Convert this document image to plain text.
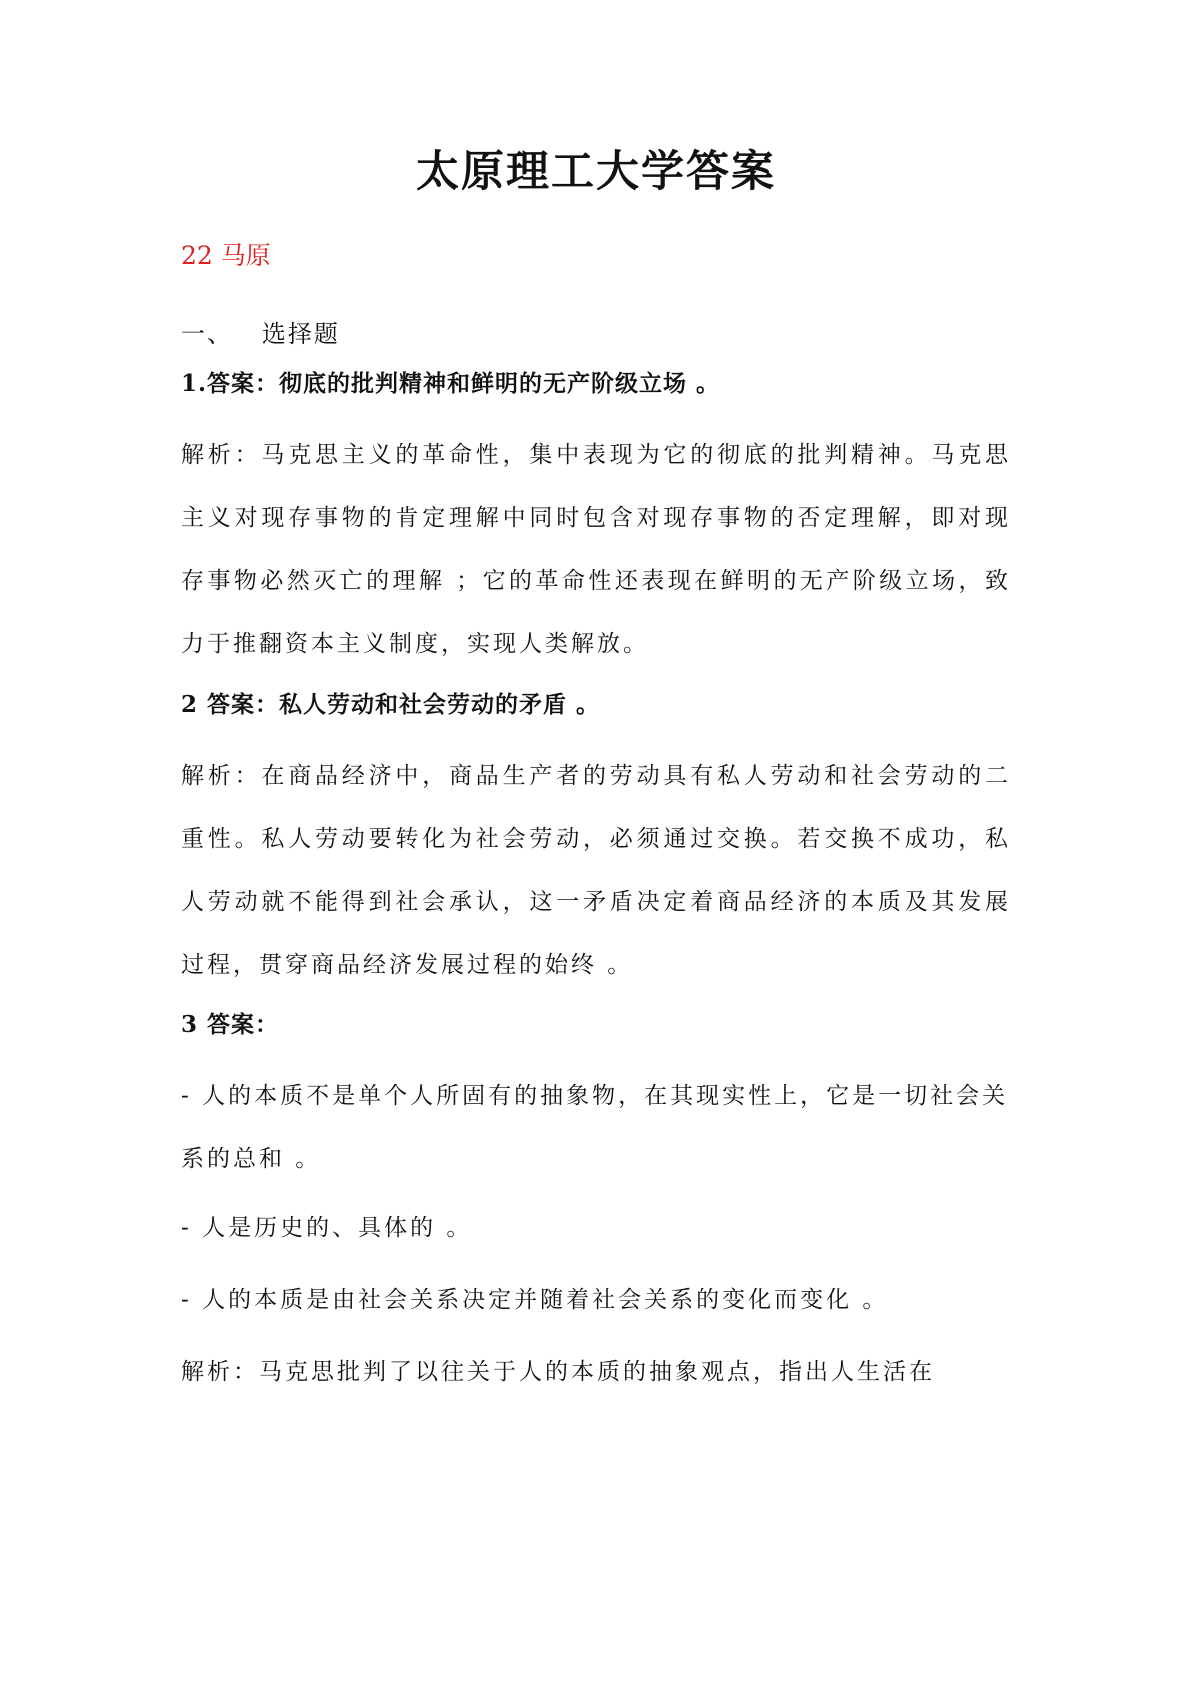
太原理工大学答案

22 马原

一、   选择题

1.答案：彻底的批判精神和鲜明的无产阶级立场 。

解析：马克思主义的革命性，集中表现为它的彻底的批判精神。马克思主义对现存事物的肯定理解中同时包含对现存事物的否定理解，即对现存事物必然灭亡的理解 ；它的革命性还表现在鲜明的无产阶级立场，致力于推翻资本主义制度，实现人类解放。

2 答案：私人劳动和社会劳动的矛盾 。

解析：在商品经济中，商品生产者的劳动具有私人劳动和社会劳动的二重性。私人劳动要转化为社会劳动，必须通过交换。若交换不成功，私人劳动就不能得到社会承认，这一矛盾决定着商品经济的本质及其发展过程，贯穿商品经济发展过程的始终 。

3 答案：

- 人的本质不是单个人所固有的抽象物，在其现实性上，它是一切社会关系的总和 。

- 人是历史的、具体的 。

- 人的本质是由社会关系决定并随着社会关系的变化而变化 。

解析：马克思批判了以往关于人的本质的抽象观点，指出人生活在
